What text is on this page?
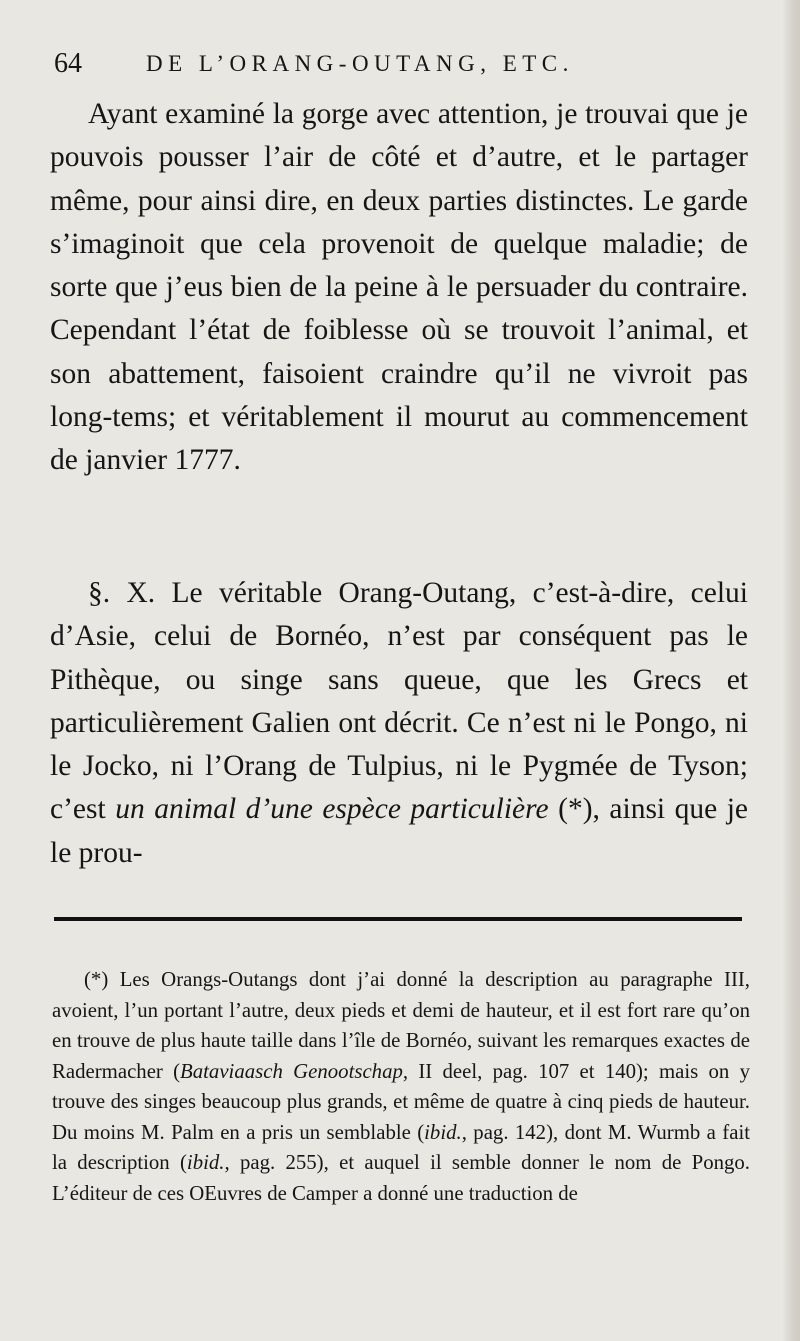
64	DE L’ORANG-OUTANG, ETC.

Ayant examiné la gorge avec attention, je trouvai que je pouvois pousser l’air de côté et d’autre, et le partager même, pour ainsi dire, en deux parties distinctes. Le garde s’imaginoit que cela provenoit de quelque maladie; de sorte que j’eus bien de la peine à le persuader du contraire. Cependant l’état de foiblesse où se trouvoit l’animal, et son abattement, faisoient craindre qu’il ne vivroit pas long-tems; et véritablement il mourut au commencement de janvier 1777.

§. X. Le véritable Orang-Outang, c’est-à-dire, celui d’Asie, celui de Bornéo, n’est par conséquent pas le Pithèque, ou singe sans queue, que les Grecs et particulièrement Galien ont décrit. Ce n’est ni le Pongo, ni le Jocko, ni l’Orang de Tulpius, ni le Pygmée de Tyson; c’est un animal d’une espèce particulière (*), ainsi que je le prou-

(*) Les Orangs-Outangs dont j’ai donné la description au paragraphe III, avoient, l’un portant l’autre, deux pieds et demi de hauteur, et il est fort rare qu’on en trouve de plus haute taille dans l’île de Bornéo, suivant les remarques exactes de Radermacher (Bataviaasch Genootschap, II deel, pag. 107 et 140); mais on y trouve des singes beaucoup plus grands, et même de quatre à cinq pieds de hauteur. Du moins M. Palm en a pris un semblable (ibid., pag. 142), dont M. Wurmb a fait la description (ibid., pag. 255), et auquel il semble donner le nom de Pongo. L’éditeur de ces OEuvres de Camper a donné une traduction de
